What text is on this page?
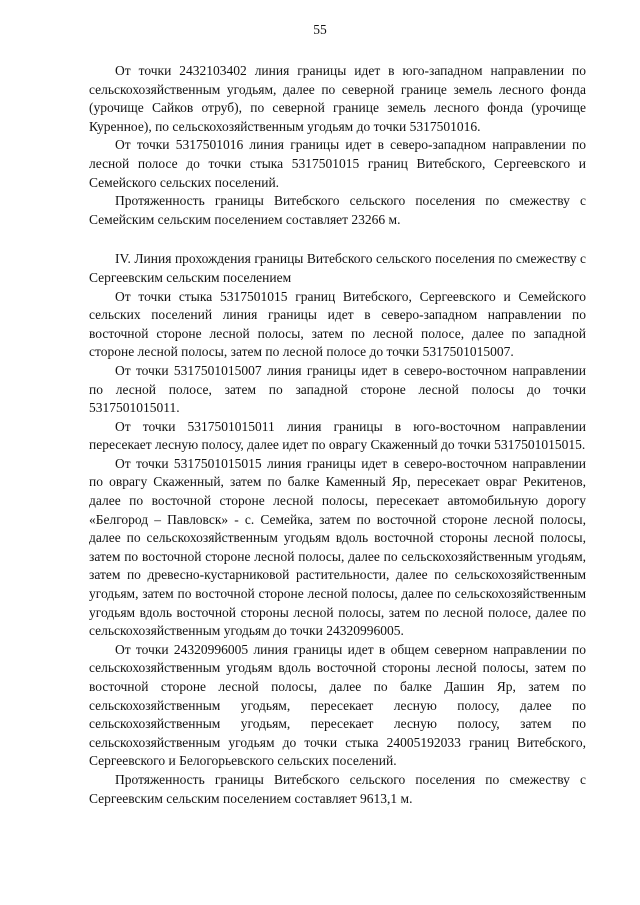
55

От точки 2432103402 линия границы идет в юго-западном направлении по сельскохозяйственным угодьям, далее по северной границе земель лесного фонда (урочище Сайков отруб), по северной границе земель лесного фонда (урочище Куренное), по сельскохозяйственным угодьям до точки 5317501016.

От точки 5317501016 линия границы идет в северо-западном направлении по лесной полосе до точки стыка 5317501015 границ Витебского, Сергеевского и Семейского сельских поселений.

Протяженность границы Витебского сельского поселения по смежеству с Семейским сельским поселением составляет 23266 м.

IV. Линия прохождения границы Витебского сельского поселения по смежеству с Сергеевским сельским поселением

От точки стыка 5317501015 границ Витебского, Сергеевского и Семейского сельских поселений линия границы идет в северо-западном направлении по восточной стороне лесной полосы, затем по лесной полосе, далее по западной стороне лесной полосы, затем по лесной полосе до точки 5317501015007.

От точки 5317501015007 линия границы идет в северо-восточном направлении по лесной полосе, затем по западной стороне лесной полосы до точки 5317501015011.

От точки 5317501015011 линия границы в юго-восточном направлении пересекает лесную полосу, далее идет по оврагу Скаженный до точки 5317501015015.

От точки 5317501015015 линия границы идет в северо-восточном направлении по оврагу Скаженный, затем по балке Каменный Яр, пересекает овраг Рекитенов, далее по восточной стороне лесной полосы, пересекает автомобильную дорогу «Белгород – Павловск» - с. Семейка, затем по восточной стороне лесной полосы, далее по сельскохозяйственным угодьям вдоль восточной стороны лесной полосы, затем по восточной стороне лесной полосы, далее по сельскохозяйственным угодьям, затем по древесно-кустарниковой растительности, далее по сельскохозяйственным угодьям, затем по восточной стороне лесной полосы, далее по сельскохозяйственным угодьям вдоль восточной стороны лесной полосы, затем по лесной полосе, далее по сельскохозяйственным угодьям до точки 24320996005.

От точки 24320996005 линия границы идет в общем северном направлении по сельскохозяйственным угодьям вдоль восточной стороны лесной полосы, затем по восточной стороне лесной полосы, далее по балке Дашин Яр, затем по сельскохозяйственным угодьям, пересекает лесную полосу, далее по сельскохозяйственным угодьям, пересекает лесную полосу, затем по сельскохозяйственным угодьям до точки стыка 24005192033 границ Витебского, Сергеевского и Белогорьевского сельских поселений.

Протяженность границы Витебского сельского поселения по смежеству с Сергеевским сельским поселением составляет 9613,1 м.
